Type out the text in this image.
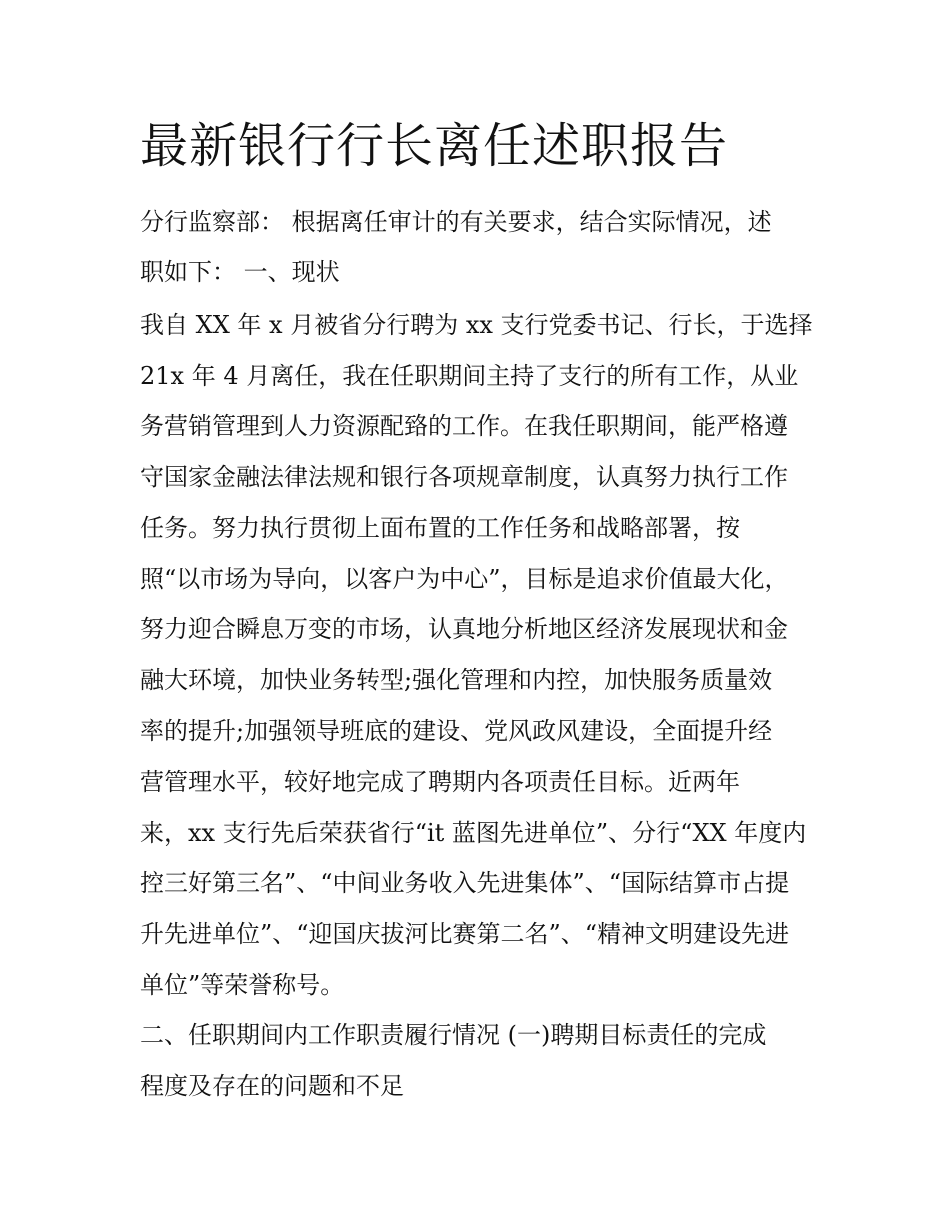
最新银行行长离任述职报告

分行监察部： 根据离任审计的有关要求，结合实际情况，述

职如下： 一、现状

我自 XX 年 x 月被省分行聘为 xx 支行党委书记、行长，于选择

21x 年 4 月离任，我在任职期间主持了支行的所有工作，从业

务营销管理到人力资源配臵的工作。在我任职期间，能严格遵

守国家金融法律法规和银行各项规章制度，认真努力执行工作

任务。努力执行贯彻上面布置的工作任务和战略部署，按

照“以市场为导向，以客户为中心”，目标是追求价值最大化，

努力迎合瞬息万变的市场，认真地分析地区经济发展现状和金

融大环境，加快业务转型;强化管理和内控，加快服务质量效

率的提升;加强领导班底的建设、党风政风建设，全面提升经

营管理水平，较好地完成了聘期内各项责任目标。近两年

来，xx 支行先后荣获省行“it 蓝图先进单位”、分行“XX 年度内

控三好第三名”、“中间业务收入先进集体”、“国际结算市占提

升先进单位”、“迎国庆拔河比赛第二名”、“精神文明建设先进

单位”等荣誉称号。

二、任职期间内工作职责履行情况 (一)聘期目标责任的完成

程度及存在的问题和不足
